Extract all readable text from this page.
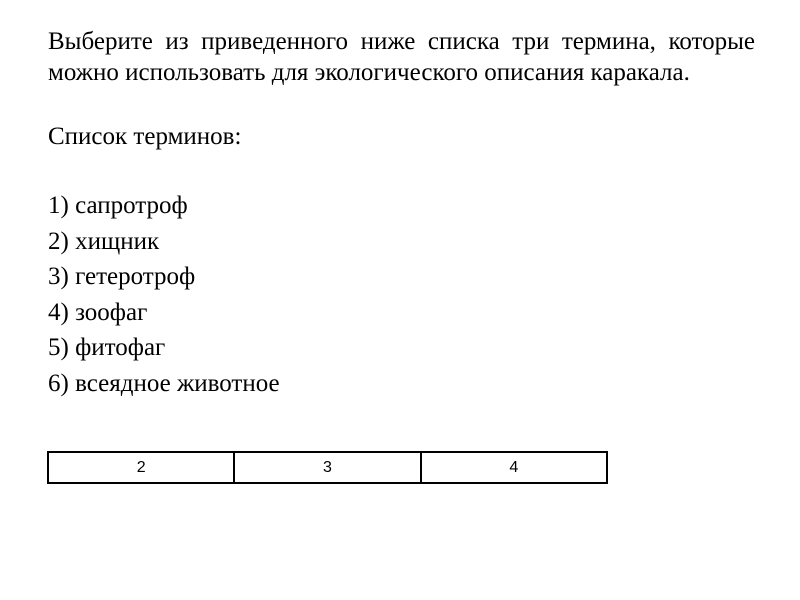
Выберите из приведенного ниже списка три термина, которые можно использовать для экологического описания каракала.

Список терминов:

1) сапротроф
2) хищник
3) гетеротроф
4) зоофаг
5) фитофаг
6) всеядное животное
2	3	4
